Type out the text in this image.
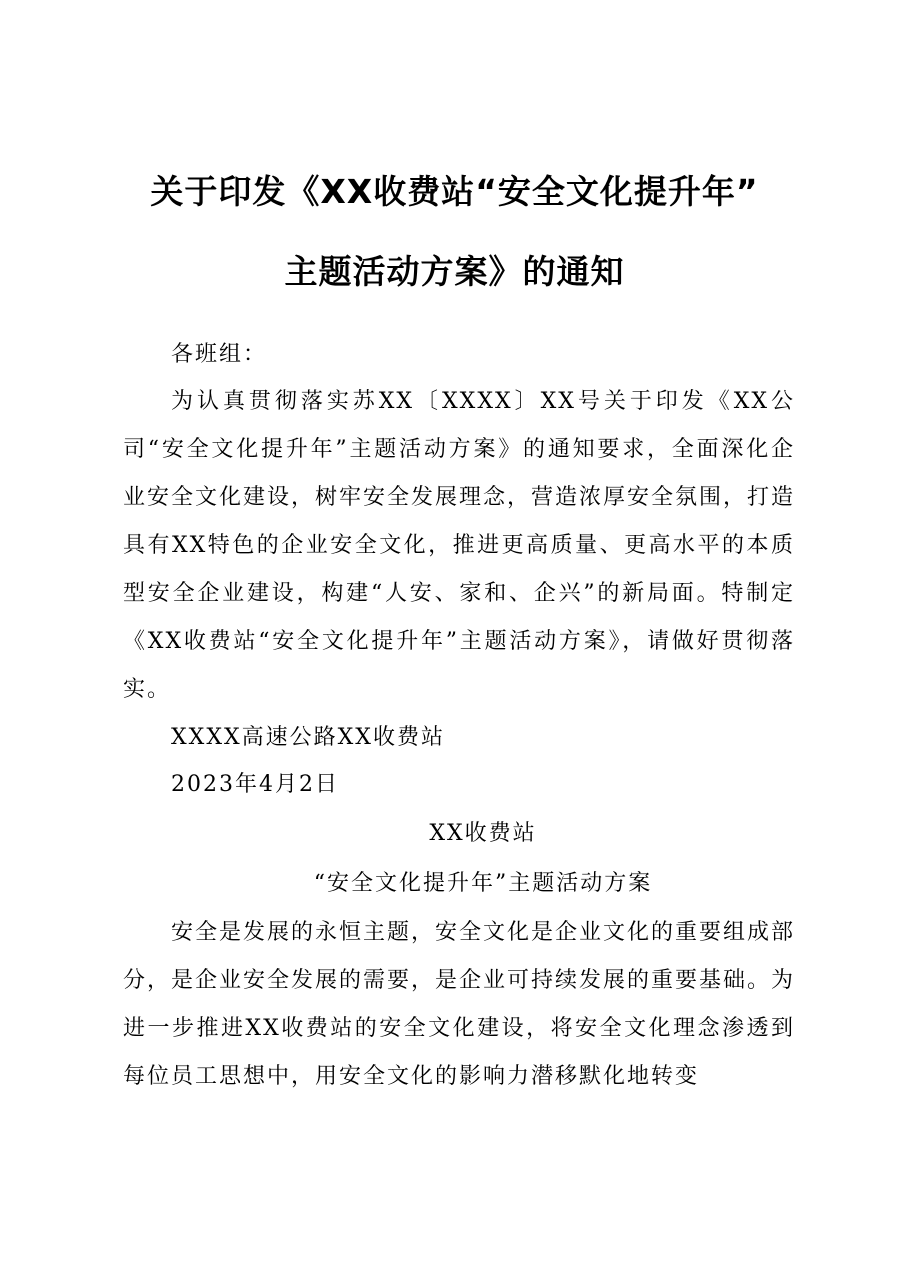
关于印发《XX收费站“安全文化提升年”
主题活动方案》的通知
各班组：
为认真贯彻落实苏XX〔XXXX〕XX号关于印发《XX公司“安全文化提升年”主题活动方案》的通知要求，全面深化企业安全文化建设，树牢安全发展理念，营造浓厚安全氛围，打造具有XX特色的企业安全文化，推进更高质量、更高水平的本质型安全企业建设，构建“人安、家和、企兴”的新局面。特制定《XX收费站“安全文化提升年”主题活动方案》，请做好贯彻落实。
XXXX高速公路XX收费站
2023年4月2日
XX收费站
“安全文化提升年”主题活动方案
安全是发展的永恒主题，安全文化是企业文化的重要组成部分，是企业安全发展的需要，是企业可持续发展的重要基础。为进一步推进XX收费站的安全文化建设，将安全文化理念渗透到每位员工思想中，用安全文化的影响力潜移默化地转变
